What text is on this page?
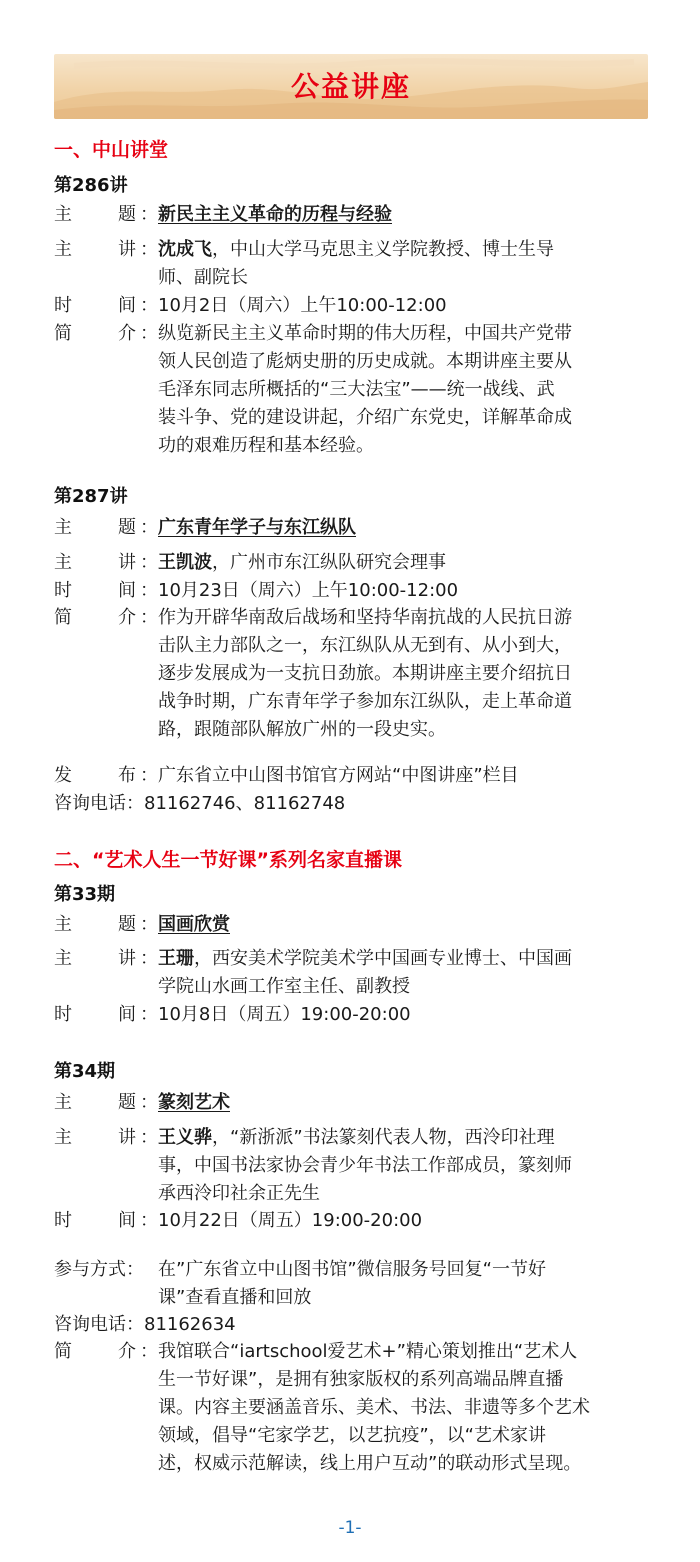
公益讲座
一、中山讲堂
第286讲

主	题 ：

新民主主义革命的历程与经验

主	讲 ：

沈成飞，中山大学马克思主义学院教授、博士生导
师、副院长

时	间 ：

10月2日（周六）上午10:00-12:00

简	介 ：

纵览新民主主义革命时期的伟大历程，中国共产党带
领人民创造了彪炳史册的历史成就。本期讲座主要从
毛泽东同志所概括的“三大法宝”——统一战线、武
装斗争、党的建设讲起，介绍广东党史，详解革命成
功的艰难历程和基本经验。
第287讲

主	题 ：

广东青年学子与东江纵队

主	讲 ：

王凯波，广州市东江纵队研究会理事

时	间 ：

10月23日（周六）上午10:00-12:00

简	介 ：

作为开辟华南敌后战场和坚持华南抗战的人民抗日游
击队主力部队之一，东江纵队从无到有、从小到大，
逐步发展成为一支抗日劲旅。本期讲座主要介绍抗日
战争时期，广东青年学子参加东江纵队，走上革命道
路，跟随部队解放广州的一段史实。

发	布 ：

广东省立中山图书馆官方网站“中图讲座”栏目
咨询电话：81162746、81162748
二、“艺术人生一节好课”系列名家直播课
第33期

主	题 ：

国画欣赏

主	讲 ：

王珊，西安美术学院美术学中国画专业博士、中国画
学院山水画工作室主任、副教授

时	间 ：

10月8日（周五）19:00-20:00
第34期

主	题 ：

篆刻艺术

主	讲 ：

王义骅，“新浙派”书法篆刻代表人物，西泠印社理
事，中国书法家协会青少年书法工作部成员，篆刻师
承西泠印社余正先生

时	间 ：

10月22日（周五）19:00-20:00
参与方式： 在”广东省立中山图书馆”微信服务号回复“一节好
课”查看直播和回放
咨询电话：81162634

简	介 ：

我馆联合“iartschool爱艺术+”精心策划推出“艺术人
生一节好课”，是拥有独家版权的系列高端品牌直播
课。内容主要涵盖音乐、美术、书法、非遗等多个艺术
领域，倡导“宅家学艺，以艺抗疫”，以“艺术家讲
述，权威示范解读，线上用户互动”的联动形式呈现。
-1-
